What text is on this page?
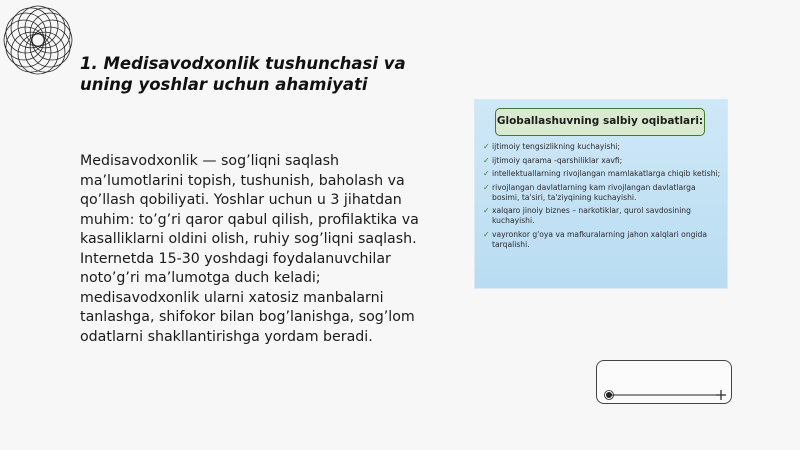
1. Medisavodxonlik tushunchasi va
uning yoshlar uchun ahamiyati

Medisavodxonlik — sog’liqni saqlash ma’lumotlarini topish, tushunish, baholash va qo’llash qobiliyati. Yoshlar uchun u 3 jihatdan muhim: to’g’ri qaror qabul qilish, profilaktika va kasalliklarni oldini olish, ruhiy sog’liqni saqlash. Internetda 15-30 yoshdagi foydalanuvchilar noto’g’ri ma’lumotga duch keladi; medisavodxonlik ularni xatosiz manbalarni tanlashga, shifokor bilan bog’lanishga, sog’lom odatlarni shakllantirishga yordam beradi.

Globallashuvning salbiy oqibatlari:
✓ ijtimoiy tengsizlikning kuchayishi;
✓ ijtimoiy qarama -qarshiliklar xavfi;
✓ intellektuallarning rivojlangan mamlakatlarga chiqib ketishi;
✓ rivojlangan davlatlarning kam rivojlangan davlatlarga bosimi, ta'siri, ta'ziyqining kuchayishi.
✓ xalqaro jinoiy biznes – narkotiklar, qurol savdosining kuchayishi.
✓ vayronkor g'oya va mafkuralarning jahon xalqlari ongida tarqalishi.
